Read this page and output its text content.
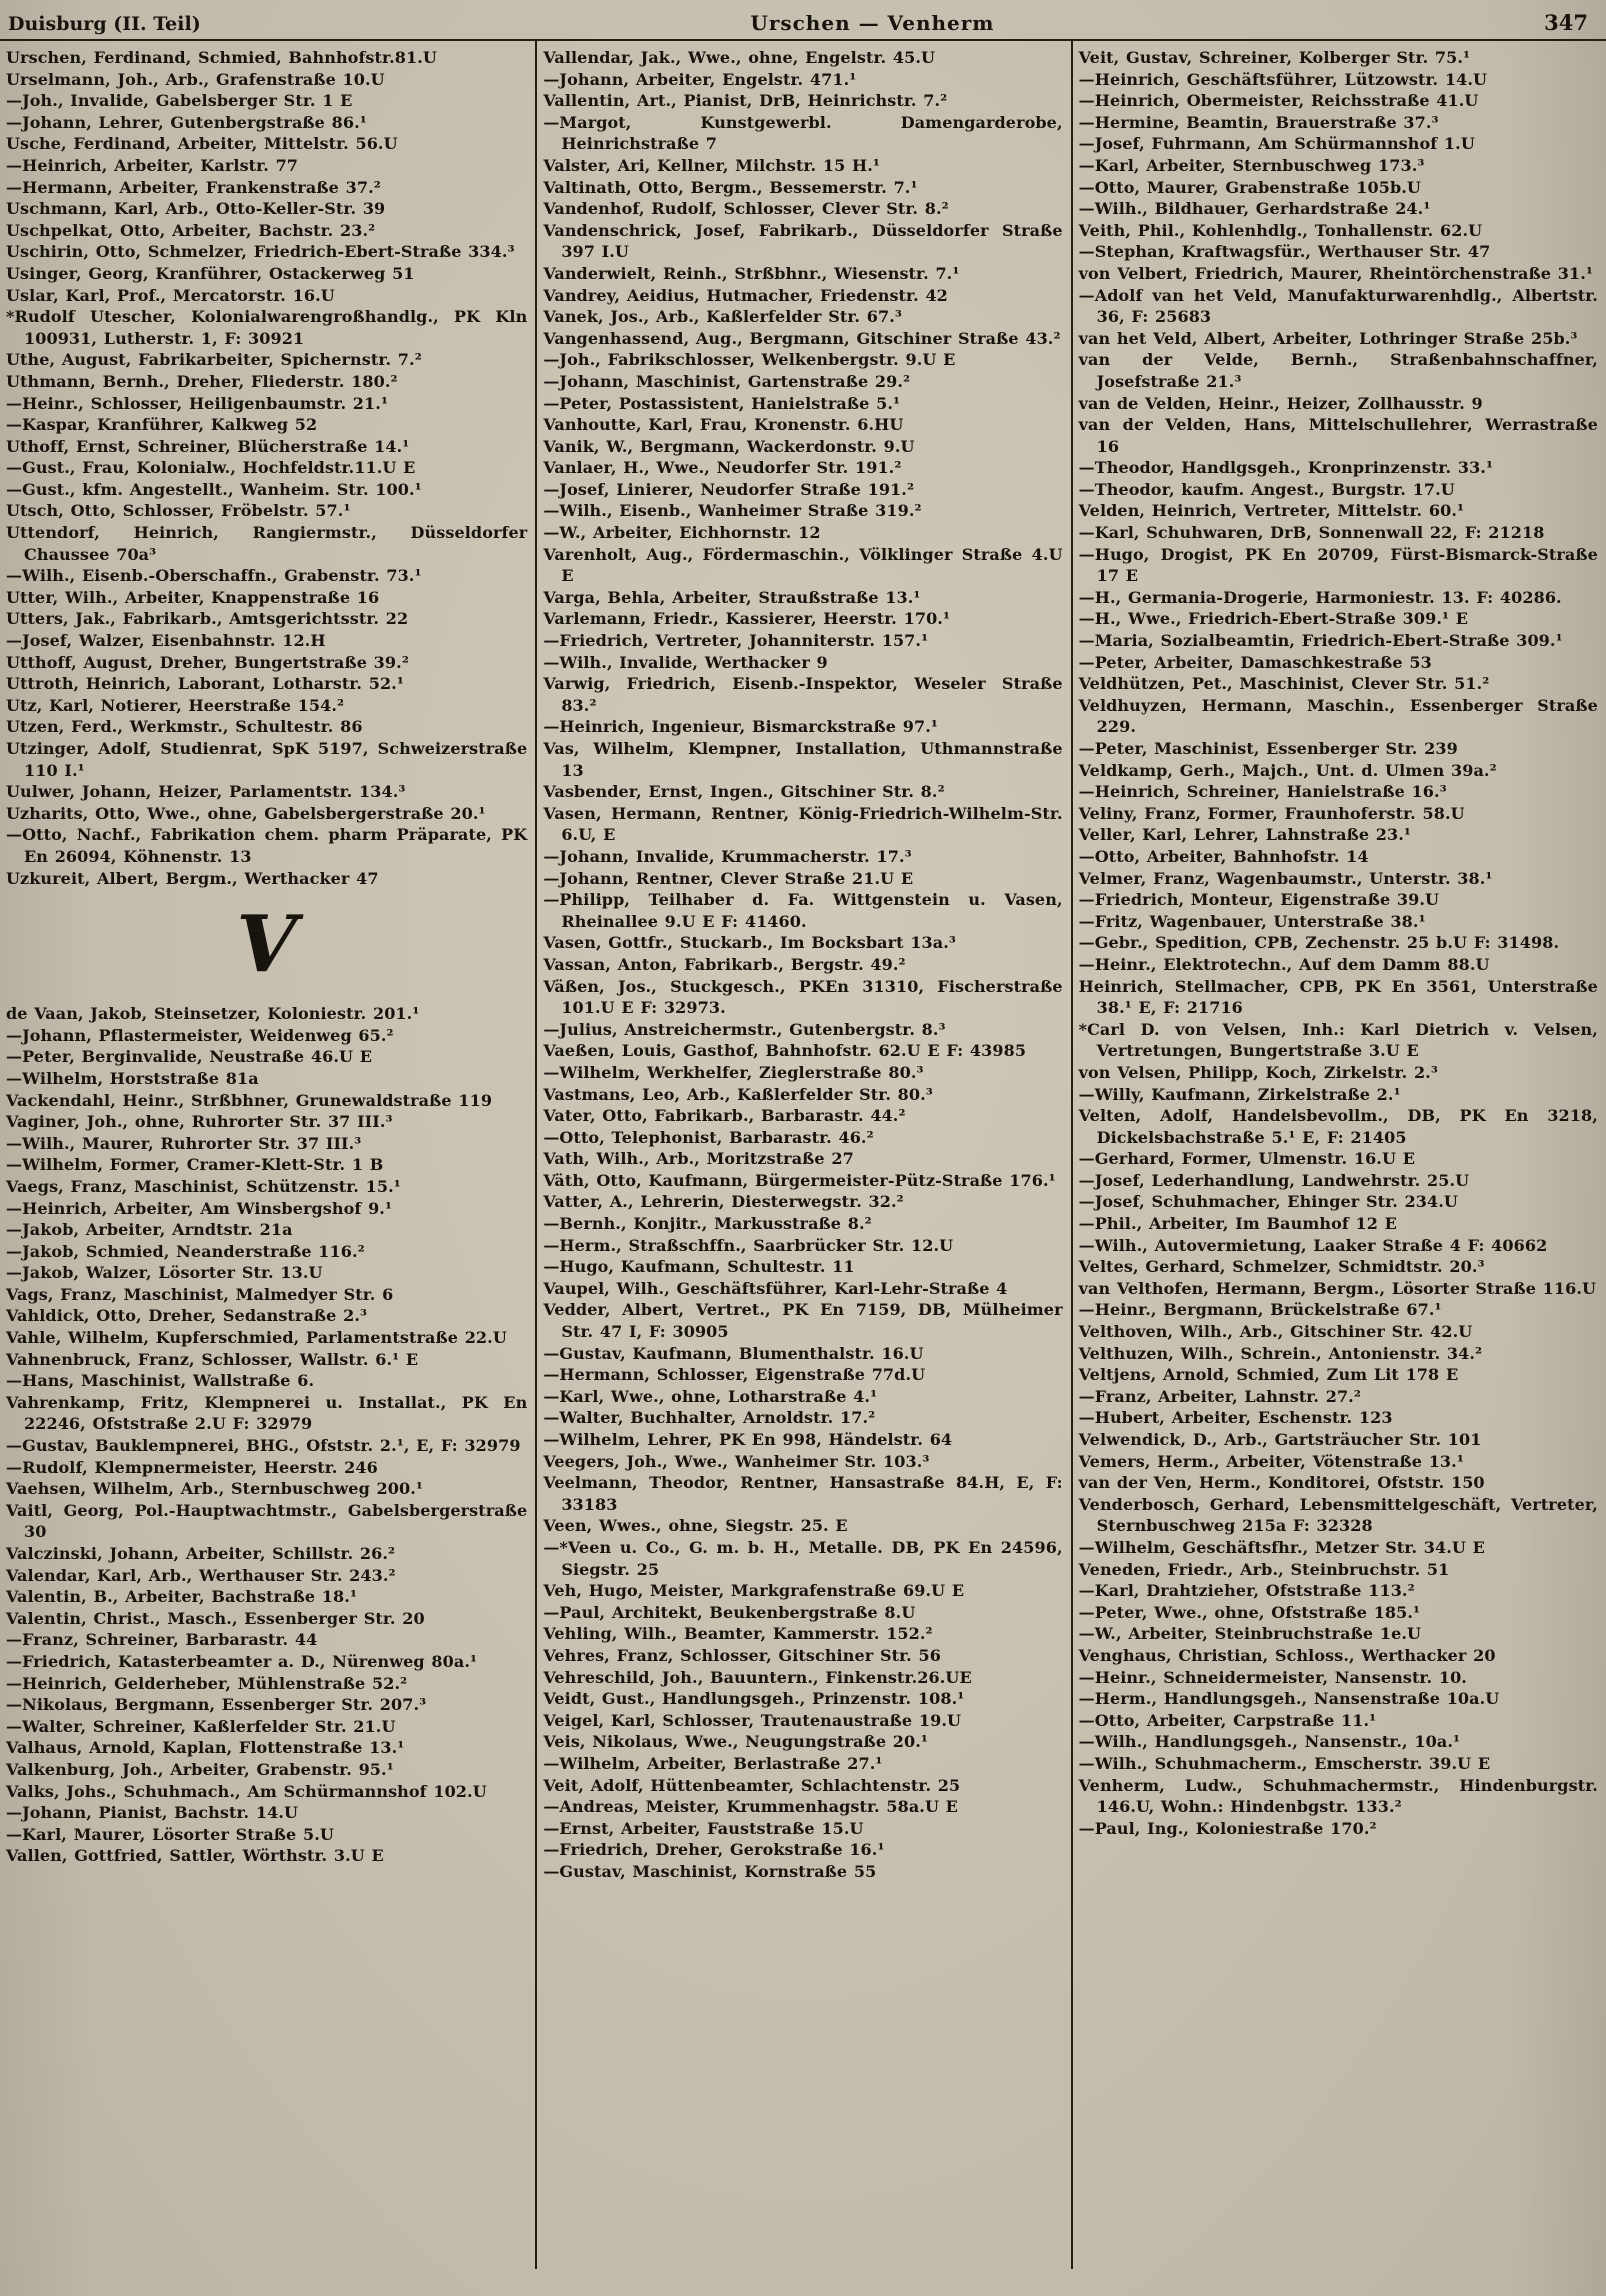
Duisburg (II. Teil)	Urschen — Venherm	347

Urschen, Ferdinand, Schmied, Bahnhofstr.81.U

Urselmann, Joh., Arb., Grafenstraße 10.U

—Joh., Invalide, Gabelsberger Str. 1 E

—Johann, Lehrer, Gutenbergstraße 86.¹

Usche, Ferdinand, Arbeiter, Mittelstr. 56.U

—Heinrich, Arbeiter, Karlstr. 77

—Hermann, Arbeiter, Frankenstraße 37.²

Uschmann, Karl, Arb., Otto-Keller-Str. 39

Uschpelkat, Otto, Arbeiter, Bachstr. 23.²

Uschirin, Otto, Schmelzer, Friedrich-Ebert-Straße 334.³

Usinger, Georg, Kranführer, Ostackerweg 51

Uslar, Karl, Prof., Mercatorstr. 16.U

*Rudolf Utescher, Kolonialwarengroßhandlg., PK Kln 100931, Lutherstr. 1, F: 30921

Uthe, August, Fabrikarbeiter, Spichernstr. 7.²

Uthmann, Bernh., Dreher, Fliederstr. 180.²

—Heinr., Schlosser, Heiligenbaumstr. 21.¹

—Kaspar, Kranführer, Kalkweg 52

Uthoff, Ernst, Schreiner, Blücherstraße 14.¹

—Gust., Frau, Kolonialw., Hochfeldstr.11.U E

—Gust., kfm. Angestellt., Wanheim. Str. 100.¹

Utsch, Otto, Schlosser, Fröbelstr. 57.¹

Uttendorf, Heinrich, Rangiermstr., Düsseldorfer Chaussee 70a³

—Wilh., Eisenb.-Oberschaffn., Grabenstr. 73.¹

Utter, Wilh., Arbeiter, Knappenstraße 16

Utters, Jak., Fabrikarb., Amtsgerichtsstr. 22

—Josef, Walzer, Eisenbahnstr. 12.H

Utthoff, August, Dreher, Bungertstraße 39.²

Uttroth, Heinrich, Laborant, Lotharstr. 52.¹

Utz, Karl, Notierer, Heerstraße 154.²

Utzen, Ferd., Werkmstr., Schultestr. 86

Utzinger, Adolf, Studienrat, SpK 5197, Schweizerstraße 110 I.¹

Uulwer, Johann, Heizer, Parlamentstr. 134.³

Uzharits, Otto, Wwe., ohne, Gabelsbergerstraße 20.¹

—Otto, Nachf., Fabrikation chem. pharm Präparate, PK En 26094, Köhnenstr. 13

Uzkureit, Albert, Bergm., Werthacker 47

V

de Vaan, Jakob, Steinsetzer, Koloniestr. 201.¹

—Johann, Pflastermeister, Weidenweg 65.²

—Peter, Berginvalide, Neustraße 46.U E

—Wilhelm, Horststraße 81a

Vackendahl, Heinr., Strßbhner, Grunewaldstraße 119

Vaginer, Joh., ohne, Ruhrorter Str. 37 III.³

—Wilh., Maurer, Ruhrorter Str. 37 III.³

—Wilhelm, Former, Cramer-Klett-Str. 1 B

Vaegs, Franz, Maschinist, Schützenstr. 15.¹

—Heinrich, Arbeiter, Am Winsbergshof 9.¹

—Jakob, Arbeiter, Arndtstr. 21a

—Jakob, Schmied, Neanderstraße 116.²

—Jakob, Walzer, Lösorter Str. 13.U

Vags, Franz, Maschinist, Malmedyer Str. 6

Vahldick, Otto, Dreher, Sedanstraße 2.³

Vahle, Wilhelm, Kupferschmied, Parlamentstraße 22.U

Vahnenbruck, Franz, Schlosser, Wallstr. 6.¹ E

—Hans, Maschinist, Wallstraße 6.

Vahrenkamp, Fritz, Klempnerei u. Installat., PK En 22246, Ofststraße 2.U F: 32979

—Gustav, Bauklempnerei, BHG., Ofststr. 2.¹, E, F: 32979

—Rudolf, Klempnermeister, Heerstr. 246

Vaehsen, Wilhelm, Arb., Sternbuschweg 200.¹

Vaitl, Georg, Pol.-Hauptwachtmstr., Gabelsbergerstraße 30

Valczinski, Johann, Arbeiter, Schillstr. 26.²

Valendar, Karl, Arb., Werthauser Str. 243.²

Valentin, B., Arbeiter, Bachstraße 18.¹

Valentin, Christ., Masch., Essenberger Str. 20

—Franz, Schreiner, Barbarastr. 44

—Friedrich, Katasterbeamter a. D., Nürenweg 80a.¹

—Heinrich, Gelderheber, Mühlenstraße 52.²

—Nikolaus, Bergmann, Essenberger Str. 207.³

—Walter, Schreiner, Kaßlerfelder Str. 21.U

Valhaus, Arnold, Kaplan, Flottenstraße 13.¹

Valkenburg, Joh., Arbeiter, Grabenstr. 95.¹

Valks, Johs., Schuhmach., Am Schürmannshof 102.U

—Johann, Pianist, Bachstr. 14.U

—Karl, Maurer, Lösorter Straße 5.U

Vallen, Gottfried, Sattler, Wörthstr. 3.U E

Vallendar, Jak., Wwe., ohne, Engelstr. 45.U

—Johann, Arbeiter, Engelstr. 471.¹

Vallentin, Art., Pianist, DrB, Heinrichstr. 7.²

—Margot, Kunstgewerbl. Damengarderobe, Heinrichstraße 7

Valster, Ari, Kellner, Milchstr. 15 H.¹

Valtinath, Otto, Bergm., Bessemerstr. 7.¹

Vandenhof, Rudolf, Schlosser, Clever Str. 8.²

Vandenschrick, Josef, Fabrikarb., Düsseldorfer Straße 397 I.U

Vanderwielt, Reinh., Strßbhnr., Wiesenstr. 7.¹

Vandrey, Aeidius, Hutmacher, Friedenstr. 42

Vanek, Jos., Arb., Kaßlerfelder Str. 67.³

Vangenhassend, Aug., Bergmann, Gitschiner Straße 43.²

—Joh., Fabrikschlosser, Welkenbergstr. 9.U E

—Johann, Maschinist, Gartenstraße 29.²

—Peter, Postassistent, Hanielstraße 5.¹

Vanhoutte, Karl, Frau, Kronenstr. 6.HU

Vanik, W., Bergmann, Wackerdonstr. 9.U

Vanlaer, H., Wwe., Neudorfer Str. 191.²

—Josef, Linierer, Neudorfer Straße 191.²

—Wilh., Eisenb., Wanheimer Straße 319.²

—W., Arbeiter, Eichhornstr. 12

Varenholt, Aug., Fördermaschin., Völklinger Straße 4.U E

Varga, Behla, Arbeiter, Straußstraße 13.¹

Varlemann, Friedr., Kassierer, Heerstr. 170.¹

—Friedrich, Vertreter, Johanniterstr. 157.¹

—Wilh., Invalide, Werthacker 9

Varwig, Friedrich, Eisenb.-Inspektor, Weseler Straße 83.²

—Heinrich, Ingenieur, Bismarckstraße 97.¹

Vas, Wilhelm, Klempner, Installation, Uthmannstraße 13

Vasbender, Ernst, Ingen., Gitschiner Str. 8.²

Vasen, Hermann, Rentner, König-Friedrich-Wilhelm-Str. 6.U, E

—Johann, Invalide, Krummacherstr. 17.³

—Johann, Rentner, Clever Straße 21.U E

—Philipp, Teilhaber d. Fa. Wittgenstein u. Vasen, Rheinallee 9.U E F: 41460.

Vasen, Gottfr., Stuckarb., Im Bocksbart 13a.³

Vassan, Anton, Fabrikarb., Bergstr. 49.²

Väßen, Jos., Stuckgesch., PKEn 31310, Fischerstraße 101.U E F: 32973.

—Julius, Anstreichermstr., Gutenbergstr. 8.³

Vaeßen, Louis, Gasthof, Bahnhofstr. 62.U E F: 43985

—Wilhelm, Werkhelfer, Zieglerstraße 80.³

Vastmans, Leo, Arb., Kaßlerfelder Str. 80.³

Vater, Otto, Fabrikarb., Barbarastr. 44.²

—Otto, Telephonist, Barbarastr. 46.²

Vath, Wilh., Arb., Moritzstraße 27

Väth, Otto, Kaufmann, Bürgermeister-Pütz-Straße 176.¹

Vatter, A., Lehrerin, Diesterwegstr. 32.²

—Bernh., Konjitr., Markusstraße 8.²

—Herm., Straßschffn., Saarbrücker Str. 12.U

—Hugo, Kaufmann, Schultestr. 11

Vaupel, Wilh., Geschäftsführer, Karl-Lehr-Straße 4

Vedder, Albert, Vertret., PK En 7159, DB, Mülheimer Str. 47 I, F: 30905

—Gustav, Kaufmann, Blumenthalstr. 16.U

—Hermann, Schlosser, Eigenstraße 77d.U

—Karl, Wwe., ohne, Lotharstraße 4.¹

—Walter, Buchhalter, Arnoldstr. 17.²

—Wilhelm, Lehrer, PK En 998, Händelstr. 64

Veegers, Joh., Wwe., Wanheimer Str. 103.³

Veelmann, Theodor, Rentner, Hansastraße 84.H, E, F: 33183

Veen, Wwes., ohne, Siegstr. 25. E

—*Veen u. Co., G. m. b. H., Metalle. DB, PK En 24596, Siegstr. 25

Veh, Hugo, Meister, Markgrafenstraße 69.U E

—Paul, Architekt, Beukenbergstraße 8.U

Vehling, Wilh., Beamter, Kammerstr. 152.²

Vehres, Franz, Schlosser, Gitschiner Str. 56

Vehreschild, Joh., Bauuntern., Finkenstr.26.UE

Veidt, Gust., Handlungsgeh., Prinzenstr. 108.¹

Veigel, Karl, Schlosser, Trautenaustraße 19.U

Veis, Nikolaus, Wwe., Neugungstraße 20.¹

—Wilhelm, Arbeiter, Berlastraße 27.¹

Veit, Adolf, Hüttenbeamter, Schlachtenstr. 25

—Andreas, Meister, Krummenhagstr. 58a.U E

—Ernst, Arbeiter, Fauststraße 15.U

—Friedrich, Dreher, Gerokstraße 16.¹

—Gustav, Maschinist, Kornstraße 55

Veit, Gustav, Schreiner, Kolberger Str. 75.¹

—Heinrich, Geschäftsführer, Lützowstr. 14.U

—Heinrich, Obermeister, Reichsstraße 41.U

—Hermine, Beamtin, Brauerstraße 37.³

—Josef, Fuhrmann, Am Schürmannshof 1.U

—Karl, Arbeiter, Sternbuschweg 173.³

—Otto, Maurer, Grabenstraße 105b.U

—Wilh., Bildhauer, Gerhardstraße 24.¹

Veith, Phil., Kohlenhdlg., Tonhallenstr. 62.U

—Stephan, Kraftwagsfür., Werthauser Str. 47

von Velbert, Friedrich, Maurer, Rheintörchenstraße 31.¹

—Adolf van het Veld, Manufakturwarenhdlg., Albertstr. 36, F: 25683

van het Veld, Albert, Arbeiter, Lothringer Straße 25b.³

van der Velde, Bernh., Straßenbahnschaffner, Josefstraße 21.³

van de Velden, Heinr., Heizer, Zollhausstr. 9

van der Velden, Hans, Mittelschullehrer, Werrastraße 16

—Theodor, Handlgsgeh., Kronprinzenstr. 33.¹

—Theodor, kaufm. Angest., Burgstr. 17.U

Velden, Heinrich, Vertreter, Mittelstr. 60.¹

—Karl, Schuhwaren, DrB, Sonnenwall 22, F: 21218

—Hugo, Drogist, PK En 20709, Fürst-Bismarck-Straße 17 E

—H., Germania-Drogerie, Harmoniestr. 13. F: 40286.

—H., Wwe., Friedrich-Ebert-Straße 309.¹ E

—Maria, Sozialbeamtin, Friedrich-Ebert-Straße 309.¹

—Peter, Arbeiter, Damaschkestraße 53

Veldhützen, Pet., Maschinist, Clever Str. 51.²

Veldhuyzen, Hermann, Maschin., Essenberger Straße 229.

—Peter, Maschinist, Essenberger Str. 239

Veldkamp, Gerh., Majch., Unt. d. Ulmen 39a.²

—Heinrich, Schreiner, Hanielstraße 16.³

Veliny, Franz, Former, Fraunhoferstr. 58.U

Veller, Karl, Lehrer, Lahnstraße 23.¹

—Otto, Arbeiter, Bahnhofstr. 14

Velmer, Franz, Wagenbaumstr., Unterstr. 38.¹

—Friedrich, Monteur, Eigenstraße 39.U

—Fritz, Wagenbauer, Unterstraße 38.¹

—Gebr., Spedition, CPB, Zechenstr. 25 b.U F: 31498.

—Heinr., Elektrotechn., Auf dem Damm 88.U

Heinrich, Stellmacher, CPB, PK En 3561, Unterstraße 38.¹ E, F: 21716

*Carl D. von Velsen, Inh.: Karl Dietrich v. Velsen, Vertretungen, Bungertstraße 3.U E

von Velsen, Philipp, Koch, Zirkelstr. 2.³

—Willy, Kaufmann, Zirkelstraße 2.¹

Velten, Adolf, Handelsbevollm., DB, PK En 3218, Dickelsbachstraße 5.¹ E, F: 21405

—Gerhard, Former, Ulmenstr. 16.U E

—Josef, Lederhandlung, Landwehrstr. 25.U

—Josef, Schuhmacher, Ehinger Str. 234.U

—Phil., Arbeiter, Im Baumhof 12 E

—Wilh., Autovermietung, Laaker Straße 4 F: 40662

Veltes, Gerhard, Schmelzer, Schmidtstr. 20.³

van Velthofen, Hermann, Bergm., Lösorter Straße 116.U

—Heinr., Bergmann, Brückelstraße 67.¹

Velthoven, Wilh., Arb., Gitschiner Str. 42.U

Velthuzen, Wilh., Schrein., Antonienstr. 34.²

Veltjens, Arnold, Schmied, Zum Lit 178 E

—Franz, Arbeiter, Lahnstr. 27.²

—Hubert, Arbeiter, Eschenstr. 123

Velwendick, D., Arb., Gartsträucher Str. 101

Vemers, Herm., Arbeiter, Vötenstraße 13.¹

van der Ven, Herm., Konditorei, Ofststr. 150

Venderbosch, Gerhard, Lebensmittelgeschäft, Vertreter, Sternbuschweg 215a F: 32328

—Wilhelm, Geschäftsfhr., Metzer Str. 34.U E

Veneden, Friedr., Arb., Steinbruchstr. 51

—Karl, Drahtzieher, Ofststraße 113.²

—Peter, Wwe., ohne, Ofststraße 185.¹

—W., Arbeiter, Steinbruchstraße 1e.U

Venghaus, Christian, Schloss., Werthacker 20

—Heinr., Schneidermeister, Nansenstr. 10.

—Herm., Handlungsgeh., Nansenstraße 10a.U

—Otto, Arbeiter, Carpstraße 11.¹

—Wilh., Handlungsgeh., Nansenstr., 10a.¹

—Wilh., Schuhmacherm., Emscherstr. 39.U E

Venherm, Ludw., Schuhmachermstr., Hindenburgstr. 146.U, Wohn.: Hindenbgstr. 133.²

—Paul, Ing., Koloniestraße 170.²
